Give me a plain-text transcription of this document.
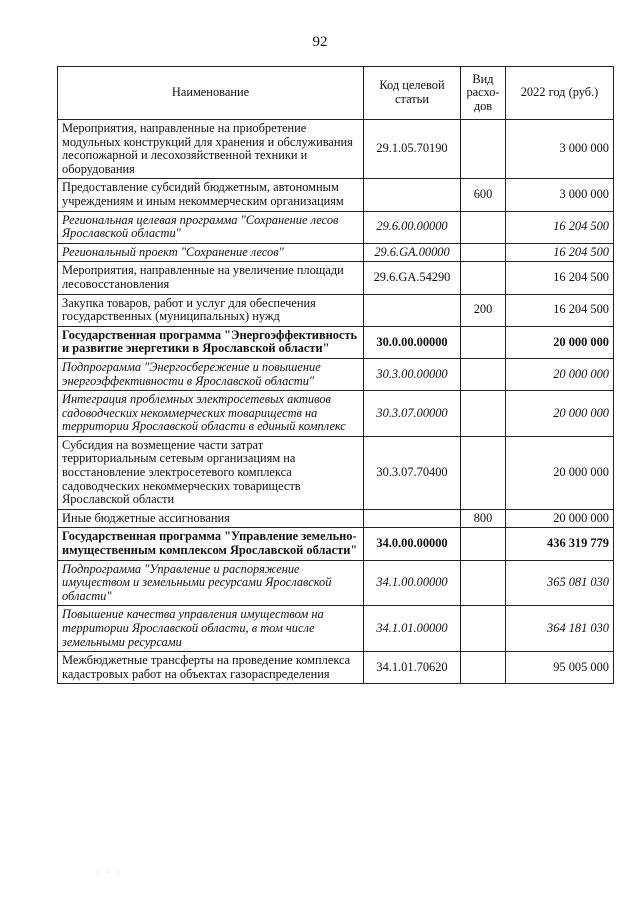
92
Наименование	Код целевой статьи	Вид расхо-дов	2022 год (руб.)
Мероприятия, направленные на приобретение модульных конструкций для хранения и обслуживания лесопожарной и лесохозяйственной техники и оборудования	29.1.05.70190		3 000 000
Предоставление субсидий бюджетным, автономным учреждениям и иным некоммерческим организациям		600	3 000 000
Региональная целевая программа "Сохранение лесов Ярославской области"	29.6.00.00000		16 204 500
Региональный проект "Сохранение лесов"	29.6.GA.00000		16 204 500
Мероприятия, направленные на увеличение площади лесовосстановления	29.6.GA.54290		16 204 500
Закупка товаров, работ и услуг для обеспечения государственных (муниципальных) нужд		200	16 204 500
Государственная программа "Энергоэффективность и развитие энергетики в Ярославской области"	30.0.00.00000		20 000 000
Подпрограмма "Энергосбережение и повышение энергоэффективности в Ярославской области"	30.3.00.00000		20 000 000
Интеграция проблемных электросетевых активов садоводческих некоммерческих товариществ на территории Ярославской области в единый комплекс	30.3.07.00000		20 000 000
Субсидия на возмещение части затрат территориальным сетевым организациям на восстановление электросетевого комплекса садоводческих некоммерческих товариществ Ярославской области	30.3.07.70400		20 000 000
Иные бюджетные ассигнования		800	20 000 000
Государственная программа "Управление земельно-имущественным комплексом Ярославской области"	34.0.00.00000		436 319 779
Подпрограмма "Управление и распоряжение имуществом и земельными ресурсами Ярославской области"	34.1.00.00000		365 081 030
Повышение качества управления имуществом на территории Ярославской области, в том числе земельными ресурсами	34.1.01.00000		364 181 030
Межбюджетные трансферты на проведение комплекса кадастровых работ на объектах газораспределения	34.1.01.70620		95 005 000
· · ·
